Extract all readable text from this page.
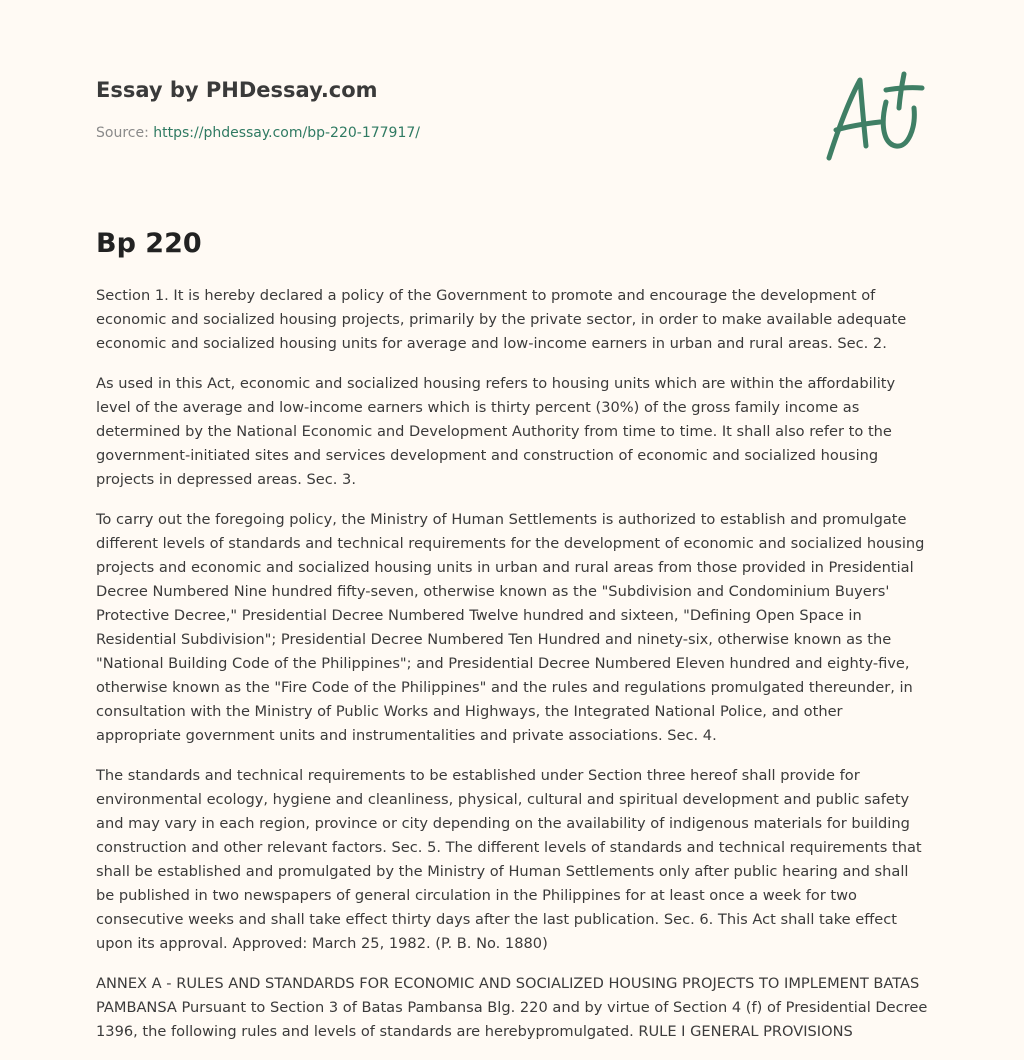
Essay by PHDessay.com
Source: https://phdessay.com/bp-220-177917/
Bp 220

Section 1. It is hereby declared a policy of the Government to promote and encourage the development of economic and socialized housing projects, primarily by the private sector, in order to make available adequate economic and socialized housing units for average and low-income earners in urban and rural areas. Sec. 2.

As used in this Act, economic and socialized housing refers to housing units which are within the affordability level of the average and low-income earners which is thirty percent (30%) of the gross family income as determined by the National Economic and Development Authority from time to time. It shall also refer to the government-initiated sites and services development and construction of economic and socialized housing projects in depressed areas. Sec. 3.

To carry out the foregoing policy, the Ministry of Human Settlements is authorized to establish and promulgate different levels of standards and technical requirements for the development of economic and socialized housing projects and economic and socialized housing units in urban and rural areas from those provided in Presidential Decree Numbered Nine hundred fifty-seven, otherwise known as the "Subdivision and Condominium Buyers' Protective Decree," Presidential Decree Numbered Twelve hundred and sixteen, "Defining Open Space in Residential Subdivision"; Presidential Decree Numbered Ten Hundred and ninety-six, otherwise known as the "National Building Code of the Philippines"; and Presidential Decree Numbered Eleven hundred and eighty-five, otherwise known as the "Fire Code of the Philippines" and the rules and regulations promulgated thereunder, in consultation with the Ministry of Public Works and Highways, the Integrated National Police, and other appropriate government units and instrumentalities and private associations. Sec. 4.

The standards and technical requirements to be established under Section three hereof shall provide for environmental ecology, hygiene and cleanliness, physical, cultural and spiritual development and public safety and may vary in each region, province or city depending on the availability of indigenous materials for building construction and other relevant factors. Sec. 5. The different levels of standards and technical requirements that shall be established and promulgated by the Ministry of Human Settlements only after public hearing and shall be published in two newspapers of general circulation in the Philippines for at least once a week for two consecutive weeks and shall take effect thirty days after the last publication. Sec. 6. This Act shall take effect upon its approval. Approved: March 25, 1982. (P. B. No. 1880)

ANNEX A - RULES AND STANDARDS FOR ECONOMIC AND SOCIALIZED HOUSING PROJECTS TO IMPLEMENT BATAS PAMBANSA Pursuant to Section 3 of Batas Pambansa Blg. 220 and by virtue of Section 4 (f) of Presidential Decree 1396, the following rules and levels of standards are herebypromulgated. RULE I GENERAL PROVISIONS
